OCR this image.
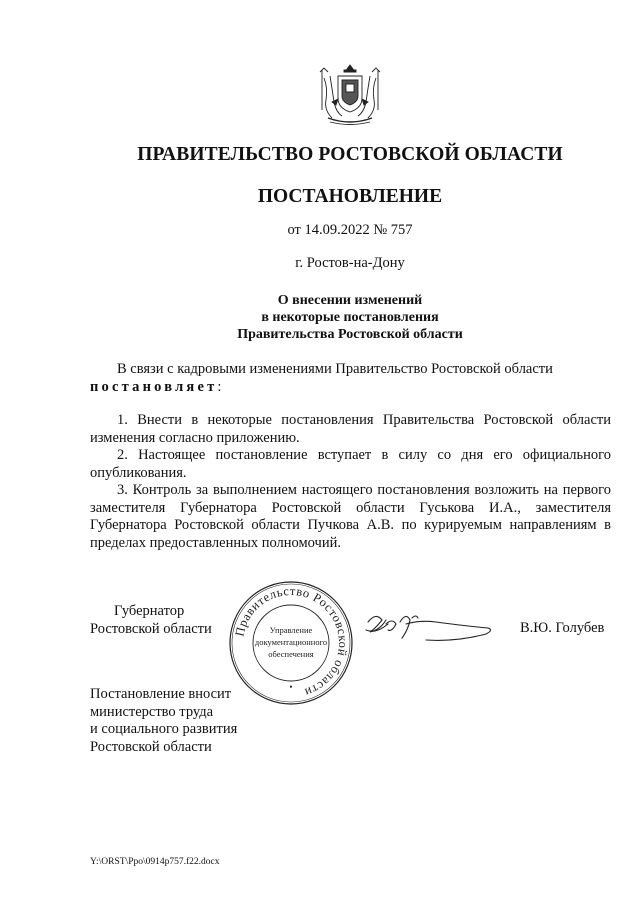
ПРАВИТЕЛЬСТВО РОСТОВСКОЙ ОБЛАСТИ
ПОСТАНОВЛЕНИЕ
от 14.09.2022 № 757
г. Ростов-на-Дону
О внесении изменений
в некоторые постановления
Правительства Ростовской области
В связи с кадровыми изменениями Правительство Ростовской области
постановляет:
1. Внести в некоторые постановления Правительства Ростовской области изменения согласно приложению.
2. Настоящее постановление вступает в силу со дня его официального опубликования.
3. Контроль за выполнением настоящего постановления возложить на первого заместителя Губернатора Ростовской области Гуськова И.А., заместителя Губернатора Ростовской области Пучкова А.В. по курируемым направлениям в пределах предоставленных полномочий.
Губернатор
Ростовской области	Правительство Ростовской области
•
Управление
документационного
обеспечения
В.Ю. Голубев
Постановление вносит
министерство труда
и социального развития
Ростовской области
Y:\ORST\Ppo\0914p757.f22.docx
